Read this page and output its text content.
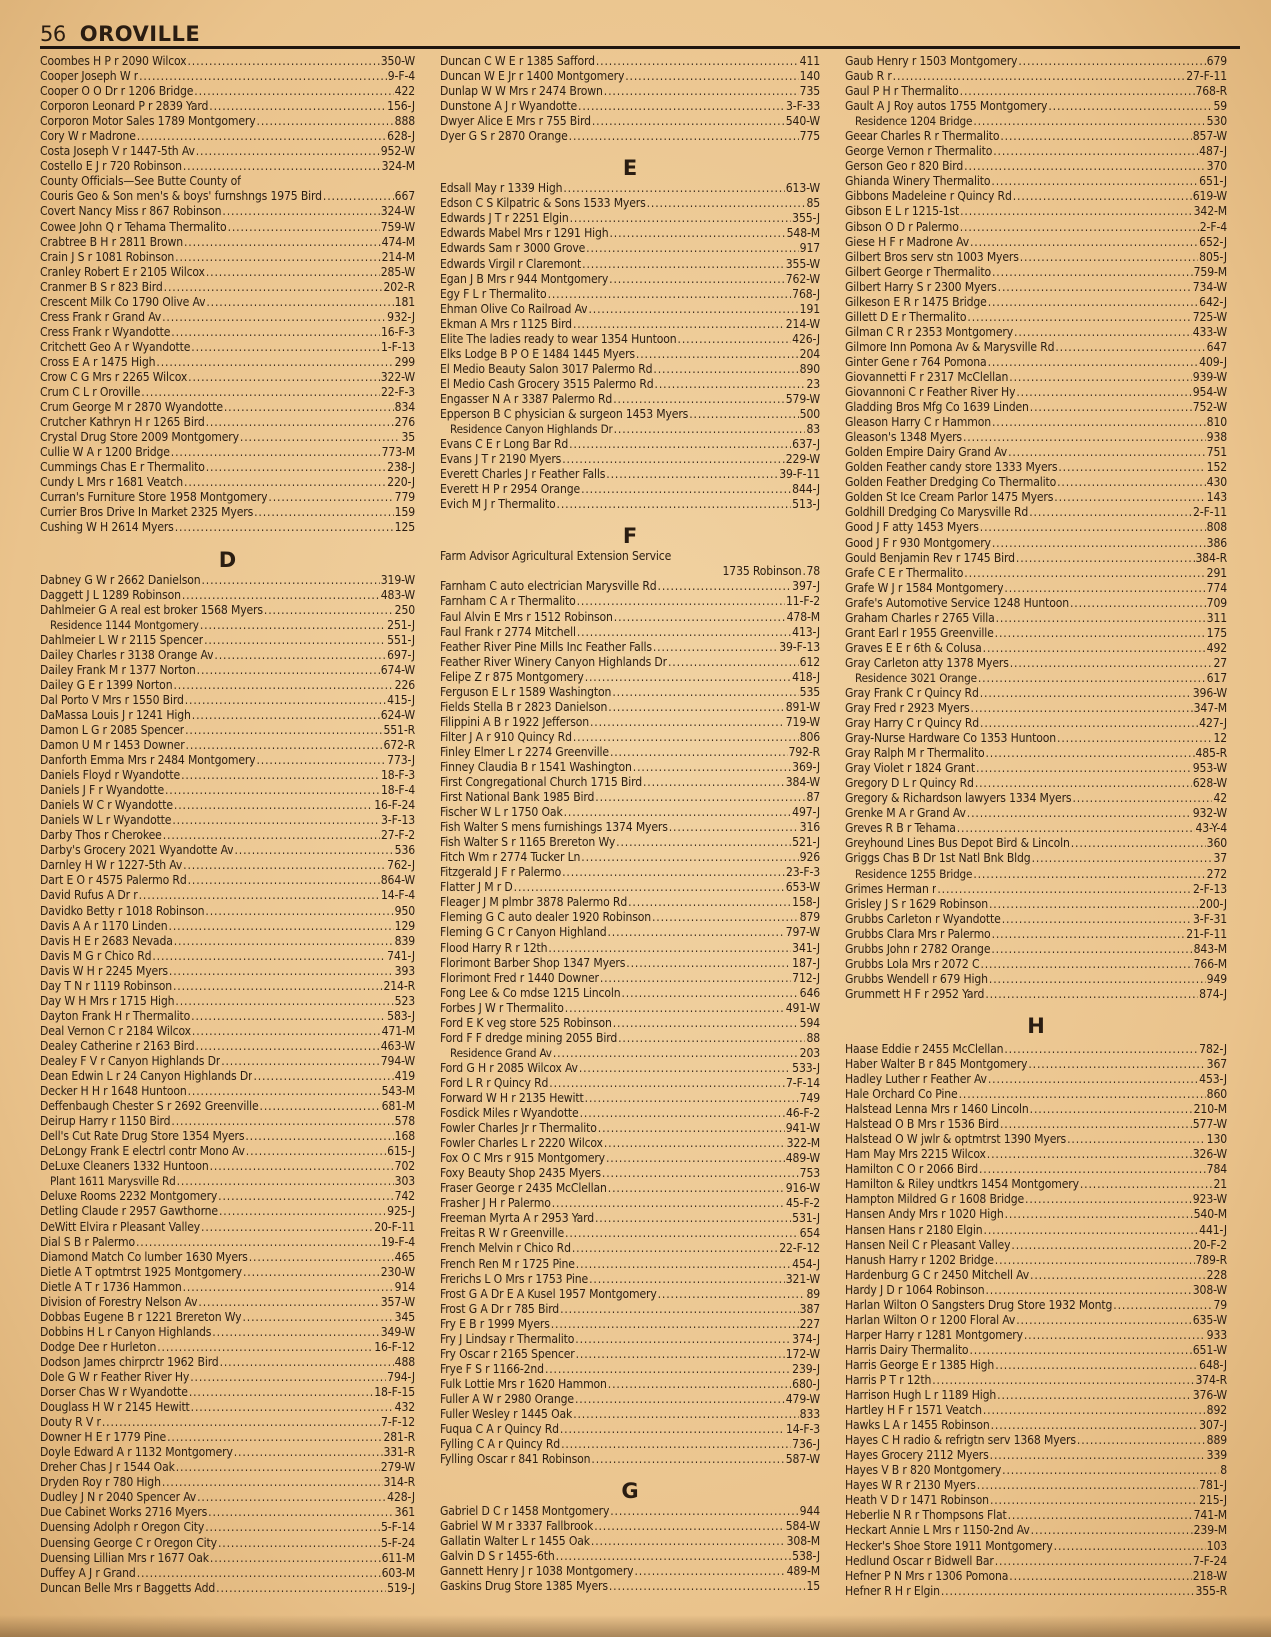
56 OROVILLE
Coombes H P r 2090 Wilcox . . .	350-W
Cooper Joseph W r . . .	9-F-4
Cooper O O Dr r 1206 Bridge . . .	422
Corporon Leonard P r 2839 Yard . . .	156-J
Corporon Motor Sales 1789 Montgomery . . .	888
Cory W r Madrone . . .	628-J
Costa Joseph V r 1447-5th Av . . .	952-W
Costello E J r 720 Robinson . . .	324-M
County Officials—See Butte County of
Couris Geo & Son men's & boys' furnshngs 1975 Bird . . .	667
Covert Nancy Miss r 867 Robinson . . .	324-W
Cowee John Q r Tehama Thermalito . . .	759-W
Crabtree B H r 2811 Brown . . .	474-M
Crain J S r 1081 Robinson . . .	214-M
Cranley Robert E r 2105 Wilcox . . .	285-W
Cranmer B S r 823 Bird . . .	202-R
Crescent Milk Co 1790 Olive Av . . .	181
Cress Frank r Grand Av . . .	932-J
Cress Frank r Wyandotte . . .	16-F-3
Critchett Geo A r Wyandotte . . .	1-F-13
Cross E A r 1475 High . . .	299
Crow C G Mrs r 2265 Wilcox . . .	322-W
Crum C L r Oroville . . .	22-F-3
Crum George M r 2870 Wyandotte . . .	834
Crutcher Kathryn H r 1265 Bird . . .	276
Crystal Drug Store 2009 Montgomery . . .	35
Cullie W A r 1200 Bridge . . .	773-M
Cummings Chas E r Thermalito . . .	238-J
Cundy L Mrs r 1681 Veatch . . .	220-J
Curran's Furniture Store 1958 Montgomery . . .	779
Currier Bros Drive In Market 2325 Myers . . .	159
Cushing W H 2614 Myers . . .	125
D
Dabney G W r 2662 Danielson . . .	319-W
Daggett J L 1289 Robinson . . .	483-W
Dahlmeier G A real est broker 1568 Myers . . .	250
Residence 1144 Montgomery . . .	251-J
Dahlmeier L W r 2115 Spencer . . .	551-J
Dailey Charles r 3138 Orange Av . . .	697-J
Dailey Frank M r 1377 Norton . . .	674-W
Dailey G E r 1399 Norton . . .	226
Dal Porto V Mrs r 1550 Bird . . .	415-J
DaMassa Louis J r 1241 High . . .	624-W
Damon L G r 2085 Spencer . . .	551-R
Damon U M r 1453 Downer . . .	672-R
Danforth Emma Mrs r 2484 Montgomery . . .	773-J
Daniels Floyd r Wyandotte . . .	18-F-3
Daniels J F r Wyandotte . . .	18-F-4
Daniels W C r Wyandotte . . .	16-F-24
Daniels W L r Wyandotte . . .	3-F-13
Darby Thos r Cherokee . . .	27-F-2
Darby's Grocery 2021 Wyandotte Av . . .	536
Darnley H W r 1227-5th Av . . .	762-J
Dart E O r 4575 Palermo Rd . . .	864-W
David Rufus A Dr r . . .	14-F-4
Davidko Betty r 1018 Robinson . . .	950
Davis A A r 1170 Linden . . .	129
Davis H E r 2683 Nevada . . .	839
Davis M G r Chico Rd . . .	741-J
Davis W H r 2245 Myers . . .	393
Day T N r 1119 Robinson . . .	214-R
Day W H Mrs r 1715 High . . .	523
Dayton Frank H r Thermalito . . .	583-J
Deal Vernon C r 2184 Wilcox . . .	471-M
Dealey Catherine r 2163 Bird . . .	463-W
Dealey F V r Canyon Highlands Dr . . .	794-W
Dean Edwin L r 24 Canyon Highlands Dr . . .	419
Decker H H r 1648 Huntoon . . .	543-M
Deffenbaugh Chester S r 2692 Greenville . . .	681-M
Deirup Harry r 1150 Bird . . .	578
Dell's Cut Rate Drug Store 1354 Myers . . .	168
DeLongy Frank E electrl contr Mono Av . . .	615-J
DeLuxe Cleaners 1332 Huntoon . . .	702
Plant 1611 Marysville Rd . . .	303
Deluxe Rooms 2232 Montgomery . . .	742
Detling Claude r 2957 Gawthorne . . .	925-J
DeWitt Elvira r Pleasant Valley . . .	20-F-11
Dial S B r Palermo . . .	19-F-4
Diamond Match Co lumber 1630 Myers . . .	465
Dietle A T optmtrst 1925 Montgomery . . .	230-W
Dietle A T r 1736 Hammon . . .	914
Division of Forestry Nelson Av . . .	357-W
Dobbas Eugene B r 1221 Brereton Wy . . .	345
Dobbins H L r Canyon Highlands . . .	349-W
Dodge Dee r Hurleton . . .	16-F-12
Dodson James chirprctr 1962 Bird . . .	488
Dole G W r Feather River Hy . . .	794-J
Dorser Chas W r Wyandotte . . .	18-F-15
Douglass H W r 2145 Hewitt . . .	432
Douty R V r . . .	7-F-12
Downer H E r 1779 Pine . . .	281-R
Doyle Edward A r 1132 Montgomery . . .	331-R
Dreher Chas J r 1544 Oak . . .	279-W
Dryden Roy r 780 High . . .	314-R
Dudley J N r 2040 Spencer Av . . .	428-J
Due Cabinet Works 2716 Myers . . .	361
Duensing Adolph r Oregon City . . .	5-F-14
Duensing George C r Oregon City . . .	5-F-24
Duensing Lillian Mrs r 1677 Oak . . .	611-M
Duffey A J r Grand . . .	603-M
Duncan Belle Mrs r Baggetts Add . . .	519-J
Duncan C W E r 1385 Safford . . .	411
Duncan W E Jr r 1400 Montgomery . . .	140
Dunlap W W Mrs r 2474 Brown . . .	735
Dunstone A J r Wyandotte . . .	3-F-33
Dwyer Alice E Mrs r 755 Bird . . .	540-W
Dyer G S r 2870 Orange . . .	775
E
Edsall May r 1339 High . . .	613-W
Edson C S Kilpatric & Sons 1533 Myers . . .	85
Edwards J T r 2251 Elgin . . .	355-J
Edwards Mabel Mrs r 1291 High . . .	548-M
Edwards Sam r 3000 Grove . . .	917
Edwards Virgil r Claremont . . .	355-W
Egan J B Mrs r 944 Montgomery . . .	762-W
Egy F L r Thermalito . . .	768-J
Ehman Olive Co Railroad Av . . .	191
Ekman A Mrs r 1125 Bird . . .	214-W
Elite The ladies ready to wear 1354 Huntoon . . .	426-J
Elks Lodge B P O E 1484 1445 Myers . . .	204
El Medio Beauty Salon 3017 Palermo Rd . . .	890
El Medio Cash Grocery 3515 Palermo Rd . . .	23
Engasser N A r 3387 Palermo Rd . . .	579-W
Epperson B C physician & surgeon 1453 Myers . . .	500
Residence Canyon Highlands Dr . . .	83
Evans C E r Long Bar Rd . . .	637-J
Evans J T r 2190 Myers . . .	229-W
Everett Charles J r Feather Falls . . .	39-F-11
Everett H P r 2954 Orange . . .	844-J
Evich M J r Thermalito . . .	513-J
F
Farm Advisor Agricultural Extension Service
1735 Robinson . . . 78
Farnham C auto electrician Marysville Rd . . .	397-J
Farnham C A r Thermalito . . .	11-F-2
Faul Alvin E Mrs r 1512 Robinson . . .	478-M
Faul Frank r 2774 Mitchell . . .	413-J
Feather River Pine Mills Inc Feather Falls . . .	39-F-13
Feather River Winery Canyon Highlands Dr . . .	612
Felipe Z r 875 Montgomery . . .	418-J
Ferguson E L r 1589 Washington . . .	535
Fields Stella B r 2823 Danielson . . .	891-W
Filippini A B r 1922 Jefferson . . .	719-W
Filter J A r 910 Quincy Rd . . .	806
Finley Elmer L r 2274 Greenville . . .	792-R
Finney Claudia B r 1541 Washington . . .	369-J
First Congregational Church 1715 Bird . . .	384-W
First National Bank 1985 Bird . . .	87
Fischer W L r 1750 Oak . . .	497-J
Fish Walter S mens furnishings 1374 Myers . . .	316
Fish Walter S r 1165 Brereton Wy . . .	521-J
Fitch Wm r 2774 Tucker Ln . . .	926
Fitzgerald J F r Palermo . . .	23-F-3
Flatter J M r D . . .	653-W
Fleager J M plmbr 3878 Palermo Rd . . .	158-J
Fleming G C auto dealer 1920 Robinson . . .	879
Fleming G C r Canyon Highland . . .	797-W
Flood Harry R r 12th . . .	341-J
Florimont Barber Shop 1347 Myers . . .	187-J
Florimont Fred r 1440 Downer . . .	712-J
Fong Lee & Co mdse 1215 Lincoln . . .	646
Forbes J W r Thermalito . . .	491-W
Ford E K veg store 525 Robinson . . .	594
Ford F F dredge mining 2055 Bird . . .	88
Residence Grand Av . . .	203
Ford G H r 2085 Wilcox Av . . .	533-J
Ford L R r Quincy Rd . . .	7-F-14
Forward W H r 2135 Hewitt . . .	749
Fosdick Miles r Wyandotte . . .	46-F-2
Fowler Charles Jr r Thermalito . . .	941-W
Fowler Charles L r 2220 Wilcox . . .	322-M
Fox O C Mrs r 915 Montgomery . . .	489-W
Foxy Beauty Shop 2435 Myers . . .	753
Fraser George r 2435 McClellan . . .	916-W
Frasher J H r Palermo . . .	45-F-2
Freeman Myrta A r 2953 Yard . . .	531-J
Freitas R W r Greenville . . .	654
French Melvin r Chico Rd . . .	22-F-12
French Ren M r 1725 Pine . . .	454-J
Frerichs L O Mrs r 1753 Pine . . .	321-W
Frost G A Dr E A Kusel 1957 Montgomery . . .	89
Frost G A Dr r 785 Bird . . .	387
Fry E B r 1999 Myers . . .	227
Fry J Lindsay r Thermalito . . .	374-J
Fry Oscar r 2165 Spencer . . .	172-W
Frye F S r 1166-2nd . . .	239-J
Fulk Lottie Mrs r 1620 Hammon . . .	680-J
Fuller A W r 2980 Orange . . .	479-W
Fuller Wesley r 1445 Oak . . .	833
Fuqua C A r Quincy Rd . . .	14-F-3
Fylling C A r Quincy Rd . . .	736-J
Fylling Oscar r 841 Robinson . . .	587-W
G
Gabriel D C r 1458 Montgomery . . .	944
Gabriel W M r 3337 Fallbrook . . .	584-W
Gallatin Walter L r 1455 Oak . . .	308-M
Galvin D S r 1455-6th . . .	538-J
Gannett Henry J r 1038 Montgomery . . .	489-M
Gaskins Drug Store 1385 Myers . . .	15
Gaub Henry r 1503 Montgomery . . .	679
Gaub R r . . .	27-F-11
Gaul P H r Thermalito . . .	768-R
Gault A J Roy autos 1755 Montgomery . . .	59
Residence 1204 Bridge . . .	530
Geear Charles R r Thermalito . . .	857-W
George Vernon r Thermalito . . .	487-J
Gerson Geo r 820 Bird . . .	370
Ghianda Winery Thermalito . . .	651-J
Gibbons Madeleine r Quincy Rd . . .	619-W
Gibson E L r 1215-1st . . .	342-M
Gibson O D r Palermo . . .	2-F-4
Giese H F r Madrone Av . . .	652-J
Gilbert Bros serv stn 1003 Myers . . .	805-J
Gilbert George r Thermalito . . .	759-M
Gilbert Harry S r 2300 Myers . . .	734-W
Gilkeson E R r 1475 Bridge . . .	642-J
Gillett D E r Thermalito . . .	725-W
Gilman C R r 2353 Montgomery . . .	433-W
Gilmore Inn Pomona Av & Marysville Rd . . .	647
Ginter Gene r 764 Pomona . . .	409-J
Giovannetti F r 2317 McClellan . . .	939-W
Giovannoni C r Feather River Hy . . .	954-W
Gladding Bros Mfg Co 1639 Linden . . .	752-W
Gleason Harry C r Hammon . . .	810
Gleason's 1348 Myers . . .	938
Golden Empire Dairy Grand Av . . .	751
Golden Feather candy store 1333 Myers . . .	152
Golden Feather Dredging Co Thermalito . . .	430
Golden St Ice Cream Parlor 1475 Myers . . .	143
Goldhill Dredging Co Marysville Rd . . .	2-F-11
Good J F atty 1453 Myers . . .	808
Good J F r 930 Montgomery . . .	386
Gould Benjamin Rev r 1745 Bird . . .	384-R
Grafe C E r Thermalito . . .	291
Grafe W J r 1584 Montgomery . . .	774
Grafe's Automotive Service 1248 Huntoon . . .	709
Graham Charles r 2765 Villa . . .	311
Grant Earl r 1955 Greenville . . .	175
Graves E E r 6th & Colusa . . .	492
Gray Carleton atty 1378 Myers . . .	27
Residence 3021 Orange . . .	617
Gray Frank C r Quincy Rd . . .	396-W
Gray Fred r 2923 Myers . . .	347-M
Gray Harry C r Quincy Rd . . .	427-J
Gray-Nurse Hardware Co 1353 Huntoon . . .	12
Gray Ralph M r Thermalito . . .	485-R
Gray Violet r 1824 Grant . . .	953-W
Gregory D L r Quincy Rd . . .	628-W
Gregory & Richardson lawyers 1334 Myers . . .	42
Grenke M A r Grand Av . . .	932-W
Greves R B r Tehama . . .	43-Y-4
Greyhound Lines Bus Depot Bird & Lincoln . . .	360
Griggs Chas B Dr 1st Natl Bnk Bldg . . .	37
Residence 1255 Bridge . . .	272
Grimes Herman r . . .	2-F-13
Grisley J S r 1629 Robinson . . .	200-J
Grubbs Carleton r Wyandotte . . .	3-F-31
Grubbs Clara Mrs r Palermo . . .	21-F-11
Grubbs John r 2782 Orange . . .	843-M
Grubbs Lola Mrs r 2072 C . . .	766-M
Grubbs Wendell r 679 High . . .	949
Grummett H F r 2952 Yard . . .	874-J
H
Haase Eddie r 2455 McClellan . . .	782-J
Haber Walter B r 845 Montgomery . . .	367
Hadley Luther r Feather Av . . .	453-J
Hale Orchard Co Pine . . .	860
Halstead Lenna Mrs r 1460 Lincoln . . .	210-M
Halstead O B Mrs r 1536 Bird . . .	577-W
Halstead O W jwlr & optmtrst 1390 Myers . . .	130
Ham May Mrs 2215 Wilcox . . .	326-W
Hamilton C O r 2066 Bird . . .	784
Hamilton & Riley undtkrs 1454 Montgomery . . .	21
Hampton Mildred G r 1608 Bridge . . .	923-W
Hansen Andy Mrs r 1020 High . . .	540-M
Hansen Hans r 2180 Elgin . . .	441-J
Hansen Neil C r Pleasant Valley . . .	20-F-2
Hanush Harry r 1202 Bridge . . .	789-R
Hardenburg G C r 2450 Mitchell Av . . .	228
Hardy J D r 1064 Robinson . . .	308-W
Harlan Wilton O Sangsters Drug Store 1932 Montg . . .	79
Harlan Wilton O r 1200 Floral Av . . .	635-W
Harper Harry r 1281 Montgomery . . .	933
Harris Dairy Thermalito . . .	651-W
Harris George E r 1385 High . . .	648-J
Harris P T r 12th . . .	374-R
Harrison Hugh L r 1189 High . . .	376-W
Hartley H F r 1571 Veatch . . .	892
Hawks L A r 1455 Robinson . . .	307-J
Hayes C H radio & refrigtn serv 1368 Myers . . .	889
Hayes Grocery 2112 Myers . . .	339
Hayes V B r 820 Montgomery . . .	8
Hayes W R r 2130 Myers . . .	781-J
Heath V D r 1471 Robinson . . .	215-J
Heberlie N R r Thompsons Flat . . .	741-M
Heckart Annie L Mrs r 1150-2nd Av . . .	239-M
Hecker's Shoe Store 1911 Montgomery . . .	103
Hedlund Oscar r Bidwell Bar . . .	7-F-24
Hefner P N Mrs r 1306 Pomona . . .	218-W
Hefner R H r Elgin . . .	355-R
